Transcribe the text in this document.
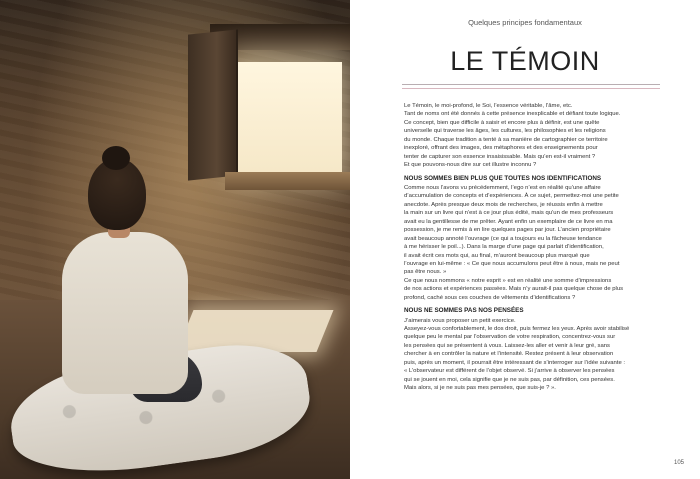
Quelques principes fondamentaux
LE TÉMOIN

Le Témoin, le moi-profond, le Soi, l’essence véritable, l’âme, etc.
Tant de noms ont été donnés à cette présence inexplicable et défiant toute logique.
Ce concept, bien que difficile à saisir et encore plus à définir, est une quête
universelle qui traverse les âges, les cultures, les philosophies et les religions
du monde. Chaque tradition a tenté à sa manière de cartographier ce territoire
inexploré, offrant des images, des métaphores et des enseignements pour
tenter de capturer son essence insaisissable. Mais qu’en est-il vraiment ?
Et que pouvons-nous dire sur cet illustre inconnu ?

NOUS SOMMES BIEN PLUS QUE TOUTES NOS IDENTIFICATIONS

Comme nous l’avons vu précédemment, l’ego n’est en réalité qu’une affaire
d’accumulation de concepts et d’expériences. À ce sujet, permettez-moi une petite
anecdote. Après presque deux mois de recherches, je réussis enfin à mettre
la main sur un livre qui n’est à ce jour plus édité, mais qu’un de mes professeurs
avait eu la gentillesse de me prêter. Ayant enfin un exemplaire de ce livre en ma
possession, je me remis à en lire quelques pages par jour. L’ancien propriétaire
avait beaucoup annoté l’ouvrage (ce qui a toujours eu la fâcheuse tendance
à me hérisser le poil...). Dans la marge d’une page qui parlait d’identification,
il avait écrit ces mots qui, au final, m’auront beaucoup plus marqué que
l’ouvrage en lui-même : « Ce que nous accumulons peut être à nous, mais ne peut
pas être nous. »
Ce que nous nommons « notre esprit » est en réalité une somme d’impressions
de nos actions et expériences passées. Mais n’y aurait-il pas quelque chose de plus
profond, caché sous ces couches de vêtements d’identifications ?

NOUS NE SOMMES PAS NOS PENSÉES

J’aimerais vous proposer un petit exercice.
Asseyez-vous confortablement, le dos droit, puis fermez les yeux. Après avoir stabilisé
quelque peu le mental par l’observation de votre respiration, concentrez-vous sur
les pensées qui se présentent à vous. Laissez-les aller et venir à leur gré, sans
chercher à en contrôler la nature et l’intensité. Restez présent à leur observation
puis, après un moment, il pourrait être intéressant de s’interroger sur l’idée suivante :
« L’observateur est différent de l’objet observé. Si j’arrive à observer les pensées
qui se jouent en moi, cela signifie que je ne suis pas, par définition, ces pensées.
Mais alors, si je ne suis pas mes pensées, que suis-je ? ».

105
